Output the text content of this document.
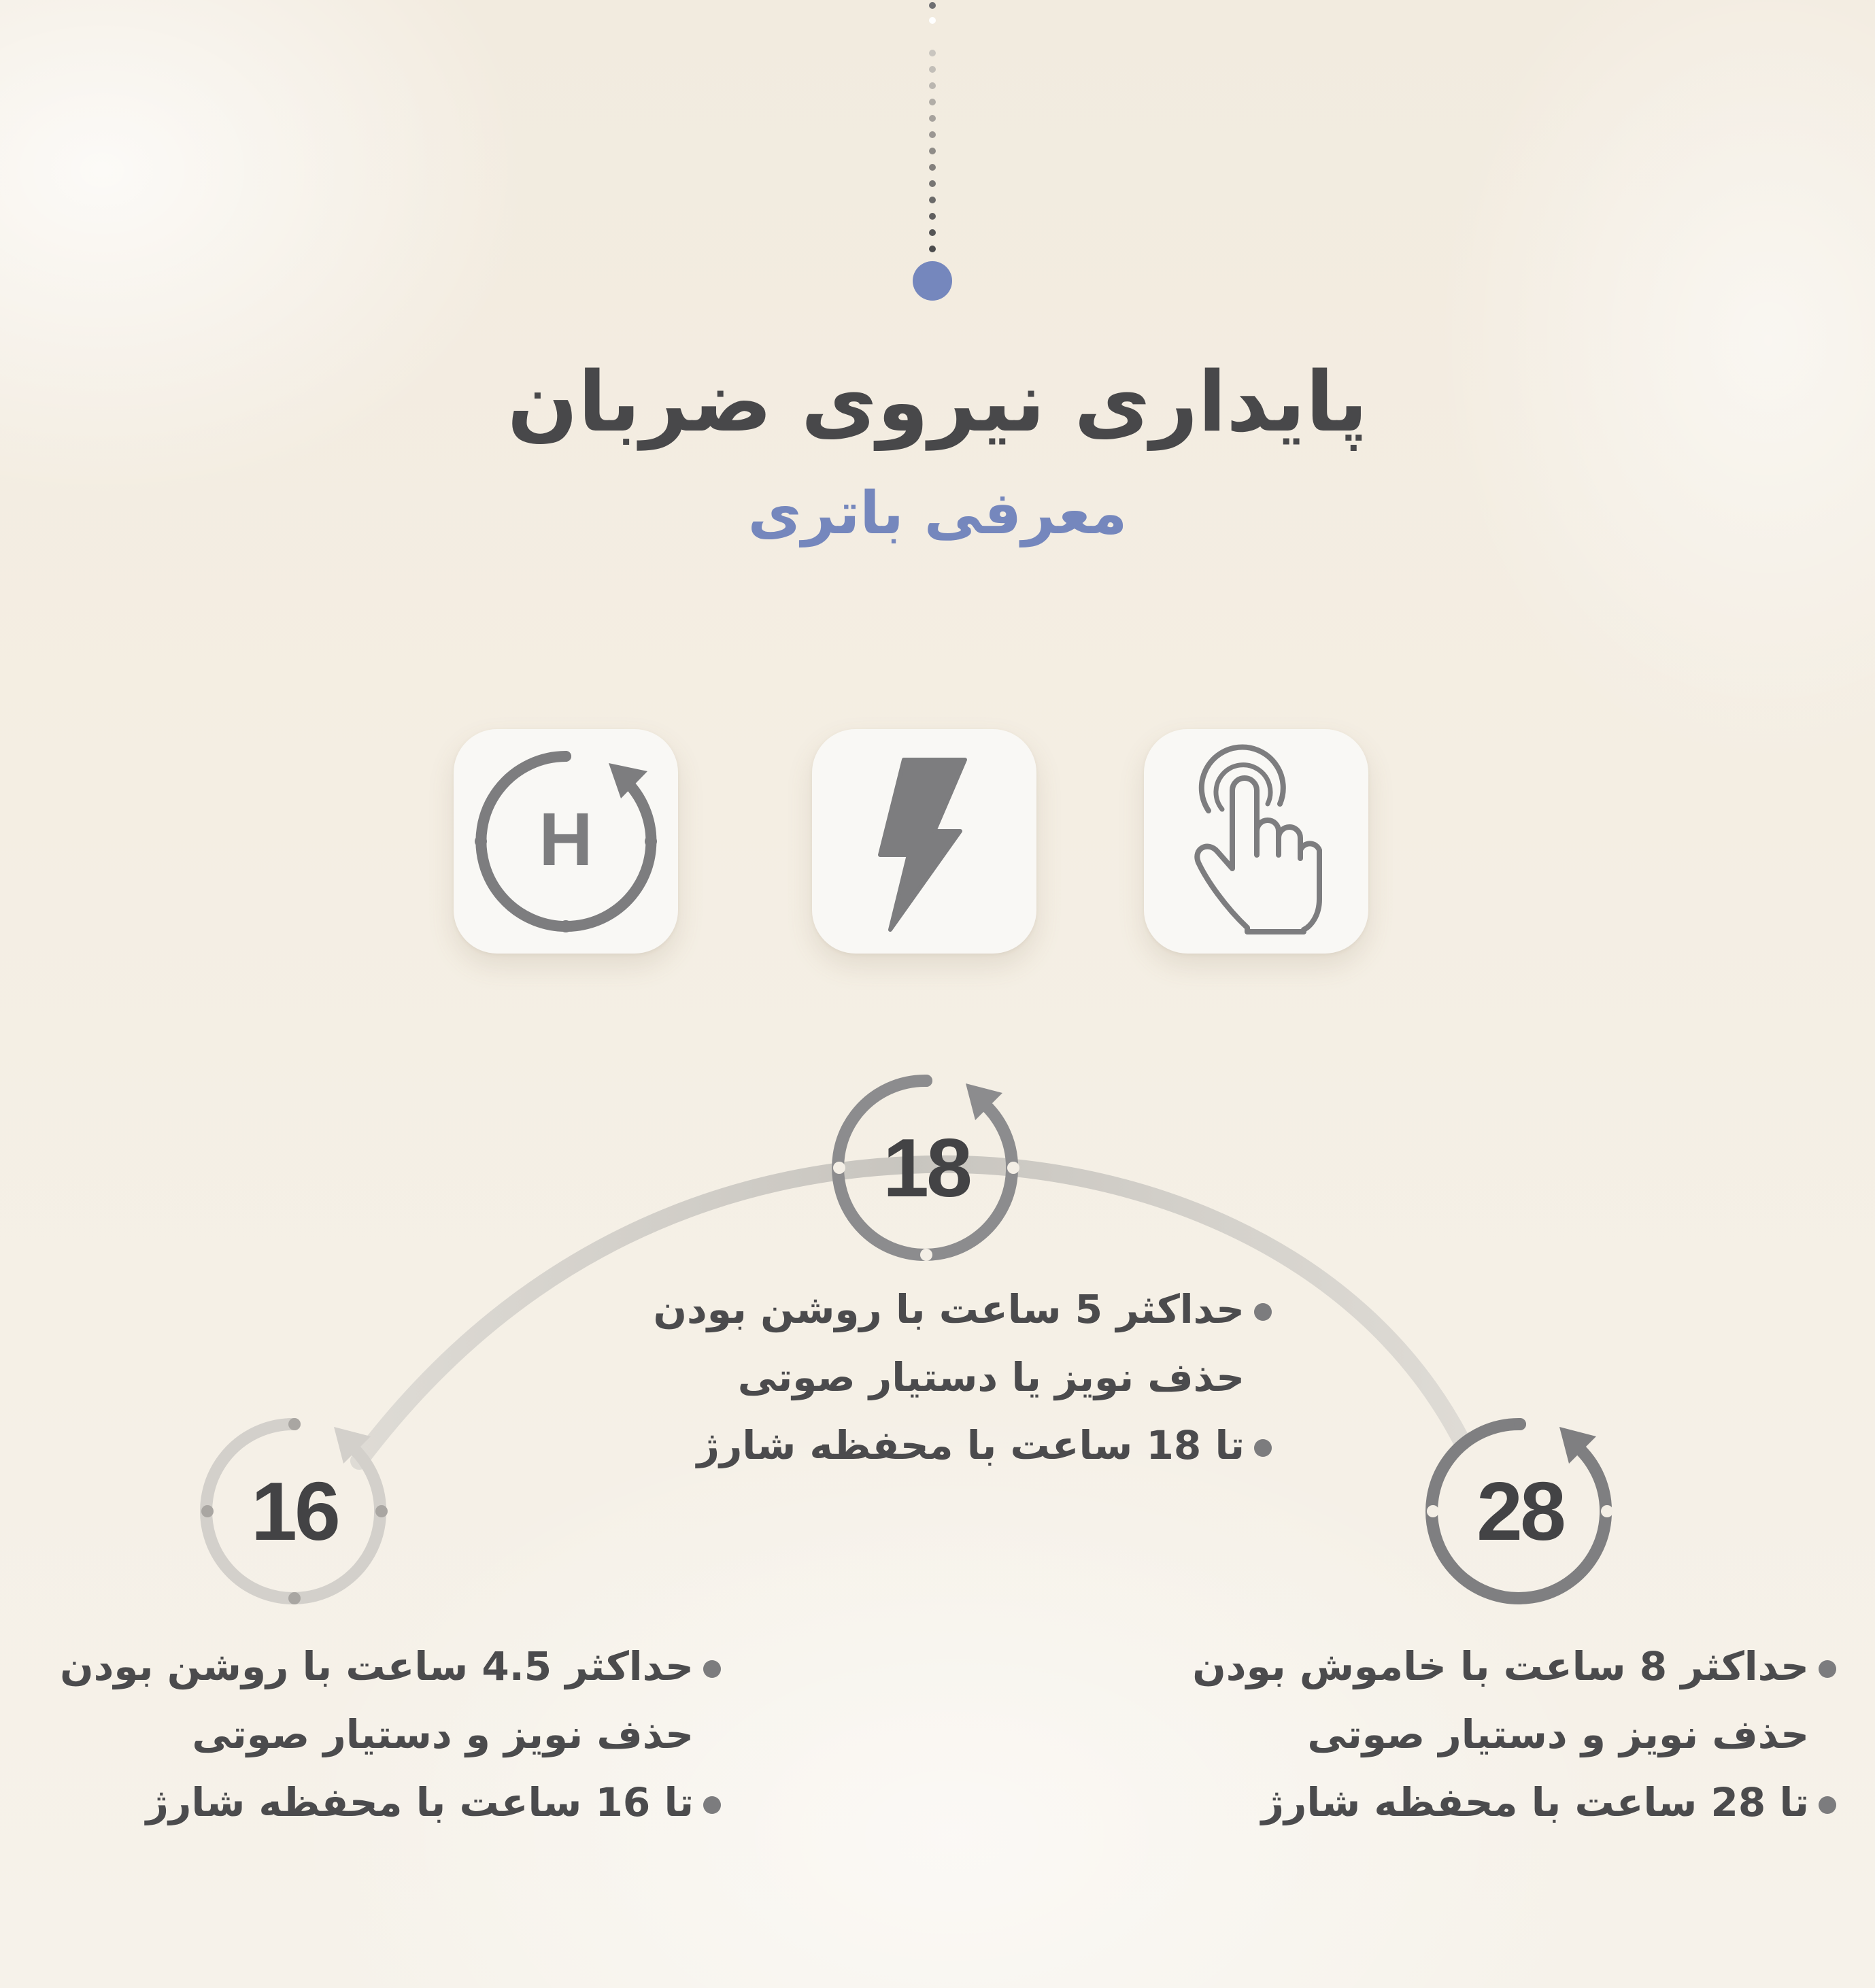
پایداری نیروی ضربان
معرفی باتری
H
18
16	28
حداکثر 5 ساعت با روشن بودن
حذف نویز یا دستیار صوتی
تا 18 ساعت با محفظه شارژ
حداکثر 4.5 ساعت با روشن بودن
حذف نویز و دستیار صوتی
تا 16 ساعت با محفظه شارژ
حداکثر 8 ساعت با خاموش بودن
حذف نویز و دستیار صوتی
تا 28 ساعت با محفظه شارژ
